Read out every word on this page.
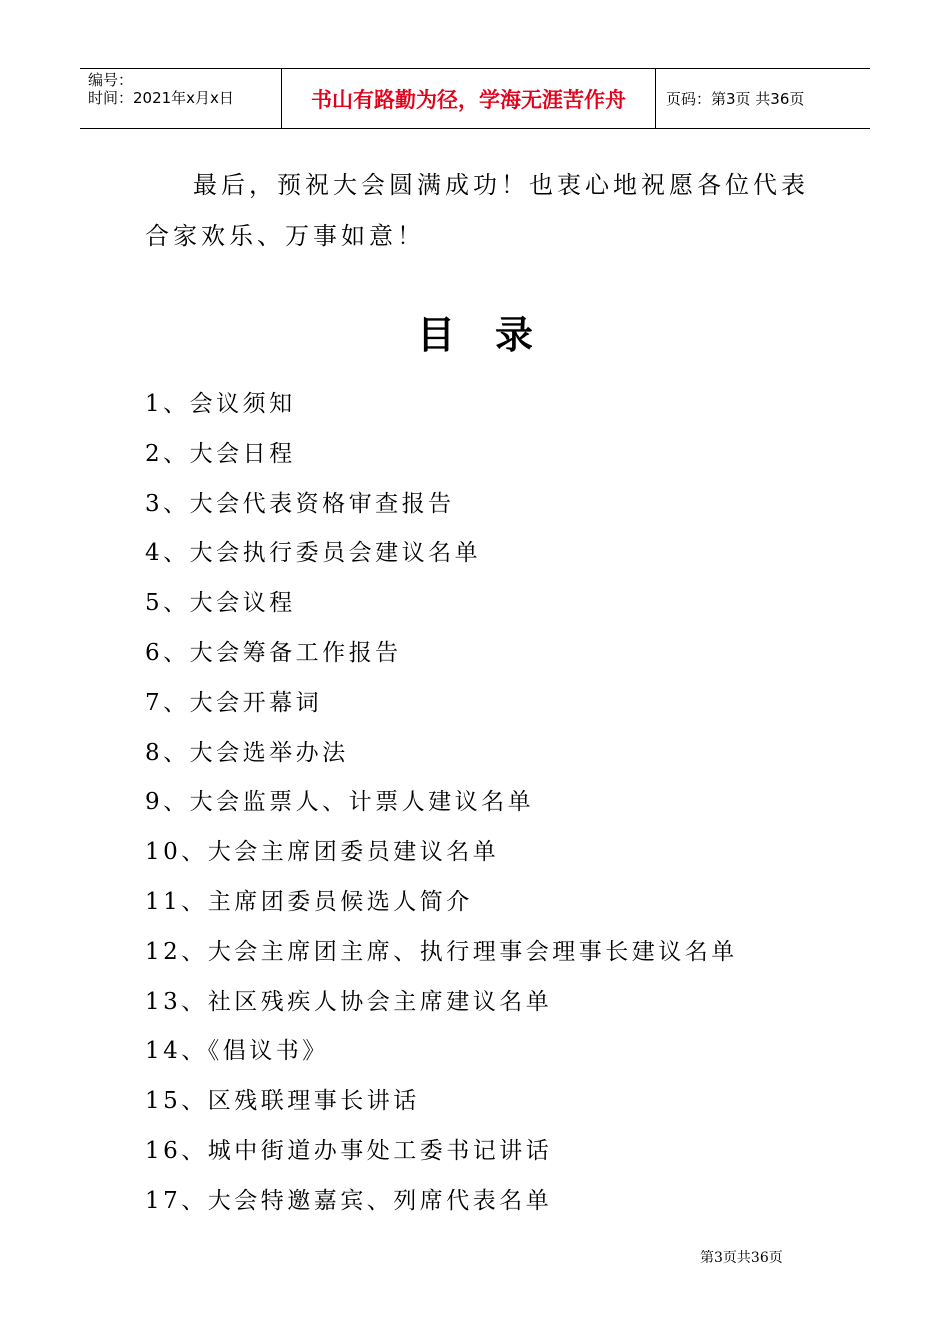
编号：
时间：2021年x月x日	书山有路勤为径，学海无涯苦作舟	页码：第3页 共36页

最后，预祝大会圆满成功！也衷心地祝愿各位代表合家欢乐、万事如意！

目录
1、会议须知
2、大会日程
3、大会代表资格审查报告
4、大会执行委员会建议名单
5、大会议程
6、大会筹备工作报告
7、大会开幕词
8、大会选举办法
9、大会监票人、计票人建议名单
10、大会主席团委员建议名单
11、主席团委员候选人简介
12、大会主席团主席、执行理事会理事长建议名单
13、社区残疾人协会主席建议名单
14、《倡议书》
15、区残联理事长讲话
16、城中街道办事处工委书记讲话
17、大会特邀嘉宾、列席代表名单
第3页共36页
